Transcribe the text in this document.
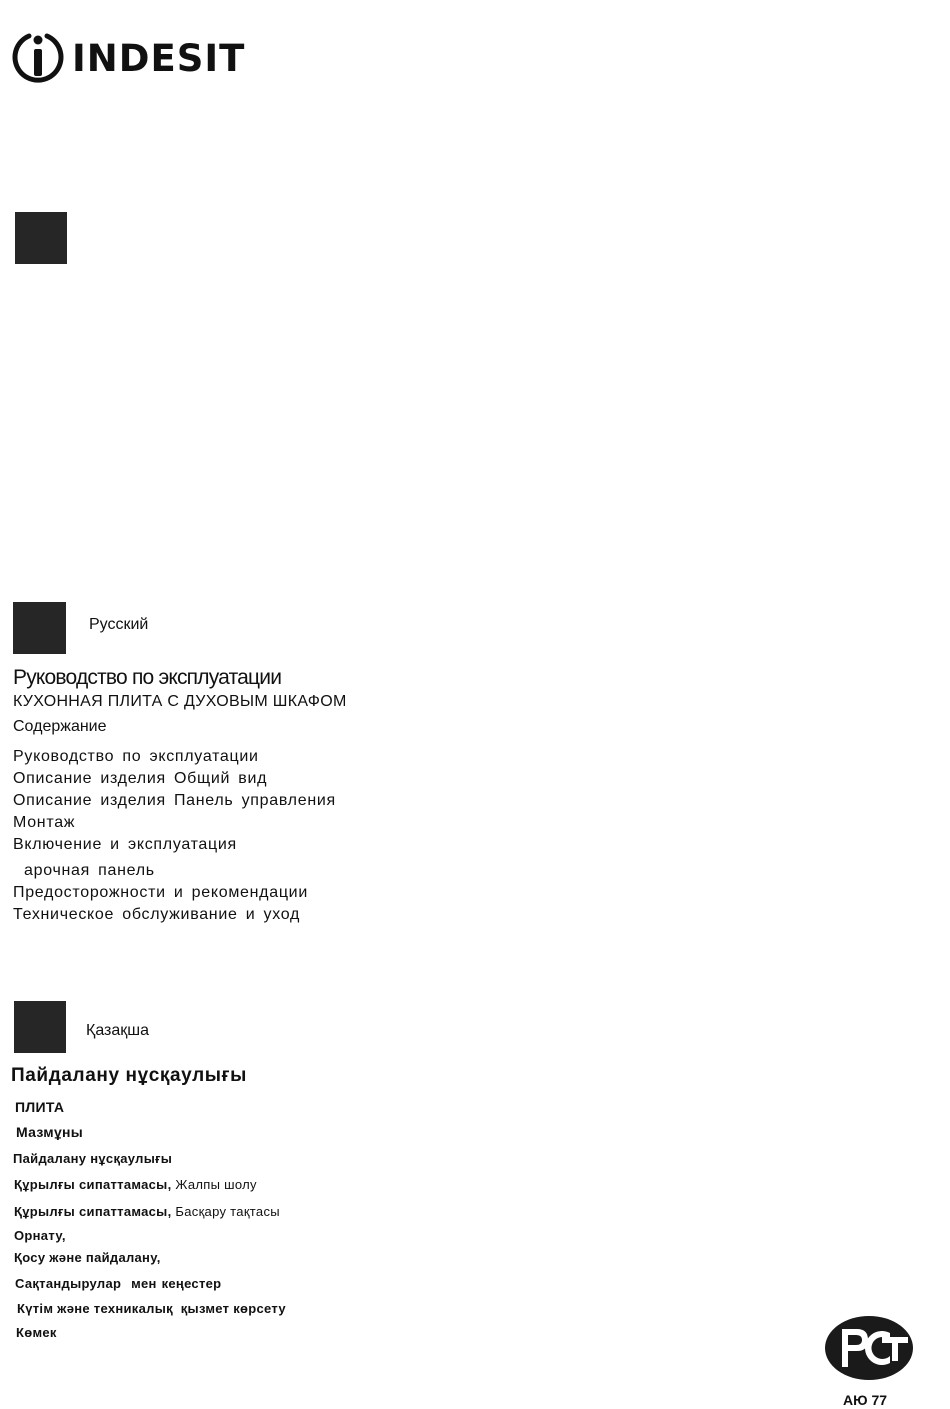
INDESIT
Русский
Руководство по эксплуатации
КУХОННАЯ ПЛИТА С ДУХОВЫМ ШКАФОМ
Содержание
Руководство по эксплуатации
Описание изделия Общий вид
Описание изделия Панель управления
Монтаж
Включение и эксплуатация
арочная панель
Предосторожности и рекомендации
Техническое обслуживание и уход
Қазақша
Пайдалану нұсқаулығы
ПЛИТА
Мазмұны
Пайдалану нұсқаулығы
Құрылғы сипаттамасы, Жалпы шолу
Құрылғы сипаттамасы, Басқару тақтасы
Орнату,
Қосу және пайдалану,
Сақтандырулар  мен кеңестер
Күтім және техникалық  қызмет көрсету
Көмек
АЮ 77
